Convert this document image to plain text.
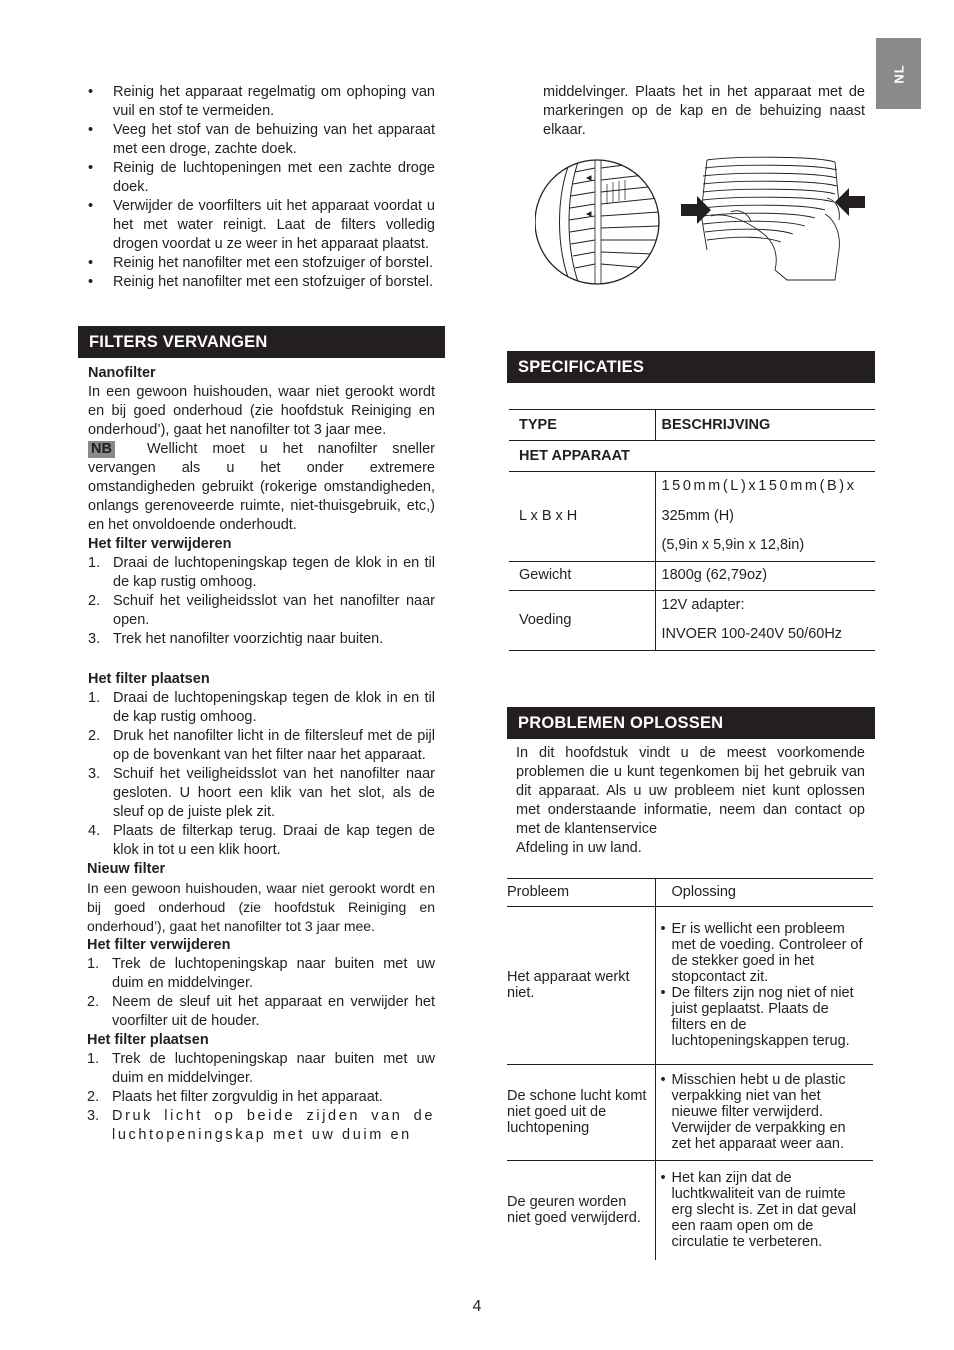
NL
• Reinig het apparaat regelmatig om ophoping van vuil en stof te vermeiden.
• Veeg het stof van de behuizing van het apparaat met een droge, zachte doek.
• Reinig de luchtopeningen met een zachte droge doek.
• Verwijder de voorfilters uit het apparaat voordat u het met water reinigt. Laat de filters volledig drogen voordat u ze weer in het apparaat plaatst.
• Reinig het nanofilter met een stofzuiger of borstel.
• Reinig het nanofilter met een stofzuiger of borstel.
FILTERS VERVANGEN
Nanofilter
In een gewoon huishouden, waar niet gerookt wordt en bij goed onderhoud (zie hoofdstuk Reiniging en onderhoud’), gaat het nanofilter tot 3 jaar mee.
NB Wellicht moet u het nanofilter sneller vervangen als u het onder extremere omstandigheden gebruikt (rokerige omstandigheden, onlangs gerenoveerde ruimte, niet-thuisgebruik, etc,) en het onvoldoende onderhoudt.
Het filter verwijderen
1. Draai de luchtopeningskap tegen de klok in en til de kap rustig omhoog.
2. Schuif het veiligheidsslot van het nanofilter naar open.
3. Trek het nanofilter voorzichtig naar buiten.
Het filter plaatsen
1. Draai de luchtopeningskap tegen de klok in en til de kap rustig omhoog.
2. Druk het nanofilter licht in de filtersleuf met de pijl op de bovenkant van het filter naar het apparaat.
3. Schuif het veiligheidsslot van het nanofilter naar gesloten. U hoort een klik van het slot, als de sleuf op de juiste plek zit.
4. Plaats de filterkap terug. Draai de kap tegen de klok in tot u een klik hoort.
Nieuw filter
In een gewoon huishouden, waar niet gerookt wordt en bij goed onderhoud (zie hoofdstuk Reiniging en onderhoud’), gaat het nanofilter tot 3 jaar mee.
Het filter verwijderen
1. Trek de luchtopeningskap naar buiten met uw duim en middelvinger.
2. Neem de sleuf uit het apparaat en verwijder het voorfilter uit de houder.
Het filter plaatsen
1. Trek de luchtopeningskap naar buiten met uw duim en middelvinger.
2. Plaats het filter zorgvuldig in het apparaat.
3. Druk licht op beide zijden van de luchtopeningskap met uw duim en
middelvinger. Plaats het in het apparaat met de markeringen op de kap en de behuizing naast elkaar.
SPECIFICATIES
TYPE	BESCHRIJVING
HET APPARAAT	
L x B x H	150mm(L)x150mm(B)x
325mm (H)
(5,9in x 5,9in x 12,8in)

Gewicht	1800g (62,79oz)
Voeding	12V adapter:
INVOER 100-240V 50/60Hz
PROBLEMEN OPLOSSEN
In dit hoofdstuk vindt u de meest voorkomende problemen die u kunt tegenkomen bij het gebruik van dit apparaat. Als u uw probleem niet kunt oplossen met onderstaande informatie, neem dan contact op met de klantenservice
Afdeling in uw land.
Probleem	Oplossing
Het apparaat werkt niet.	• Er is wellicht een probleem met de voeding. Controleer of de stekker goed in het stopcontact zit.
• De filters zijn nog niet of niet juist geplaatst. Plaats de filters en de luchtopeningskappen terug.

De schone lucht komt niet goed uit de luchtopening	• Misschien hebt u de plastic verpakking niet van het nieuwe filter verwijderd. Verwijder de verpakking en zet het apparaat weer aan.

De geuren worden niet goed verwijderd.	• Het kan zijn dat de luchtkwaliteit van de ruimte erg slecht is. Zet in dat geval een raam open om de circulatie te verbeteren.
4
